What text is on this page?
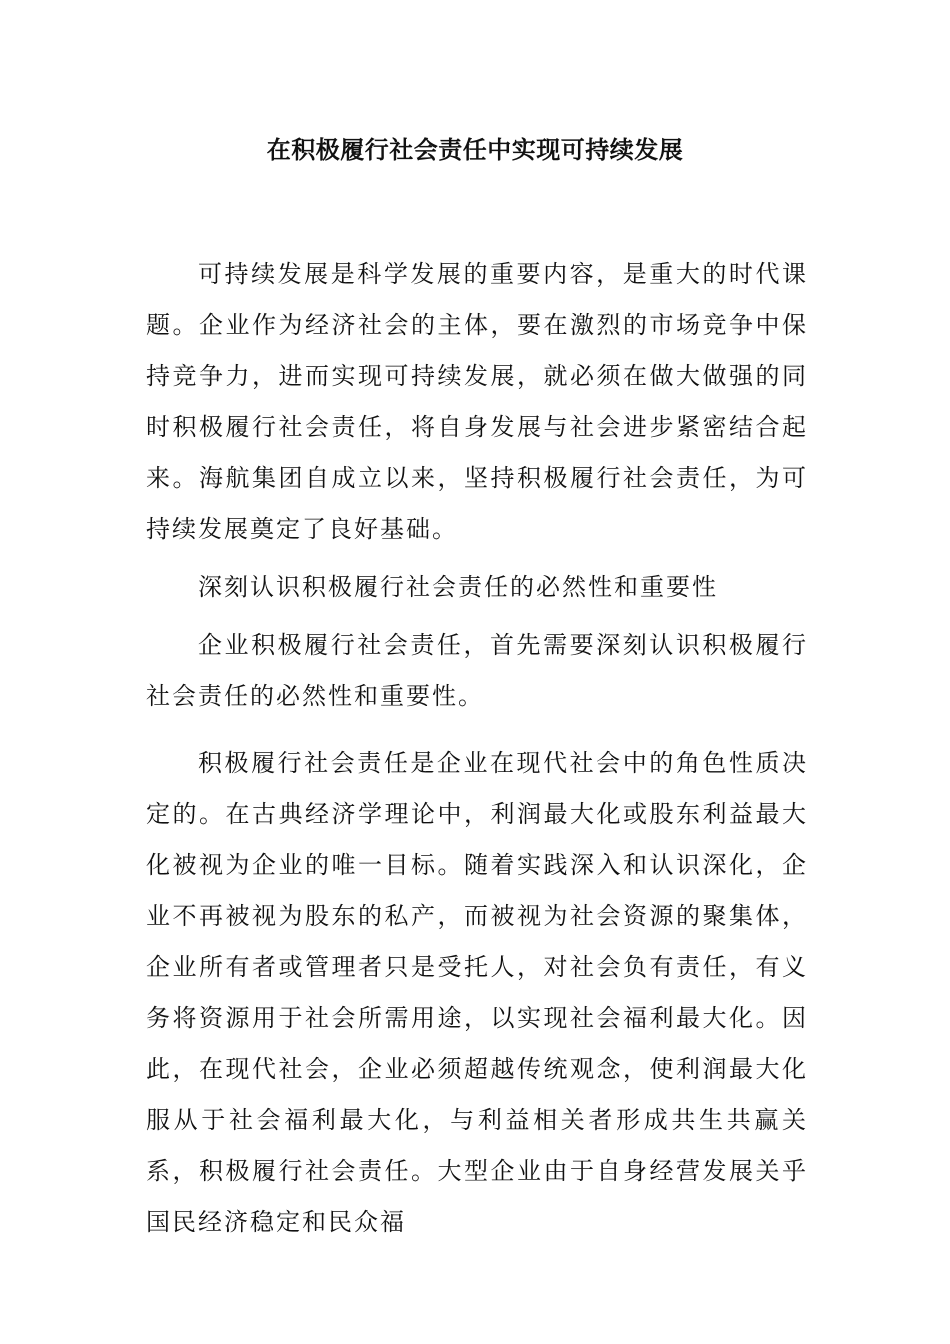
在积极履行社会责任中实现可持续发展

可持续发展是科学发展的重要内容，是重大的时代课题。企业作为经济社会的主体，要在激烈的市场竞争中保持竞争力，进而实现可持续发展，就必须在做大做强的同时积极履行社会责任，将自身发展与社会进步紧密结合起来。海航集团自成立以来，坚持积极履行社会责任，为可持续发展奠定了良好基础。

深刻认识积极履行社会责任的必然性和重要性

企业积极履行社会责任，首先需要深刻认识积极履行社会责任的必然性和重要性。

积极履行社会责任是企业在现代社会中的角色性质决定的。在古典经济学理论中，利润最大化或股东利益最大化被视为企业的唯一目标。随着实践深入和认识深化，企业不再被视为股东的私产，而被视为社会资源的聚集体，企业所有者或管理者只是受托人，对社会负有责任，有义务将资源用于社会所需用途，以实现社会福利最大化。因此，在现代社会，企业必须超越传统观念，使利润最大化服从于社会福利最大化，与利益相关者形成共生共赢关系，积极履行社会责任。大型企业由于自身经营发展关乎国民经济稳定和民众福
